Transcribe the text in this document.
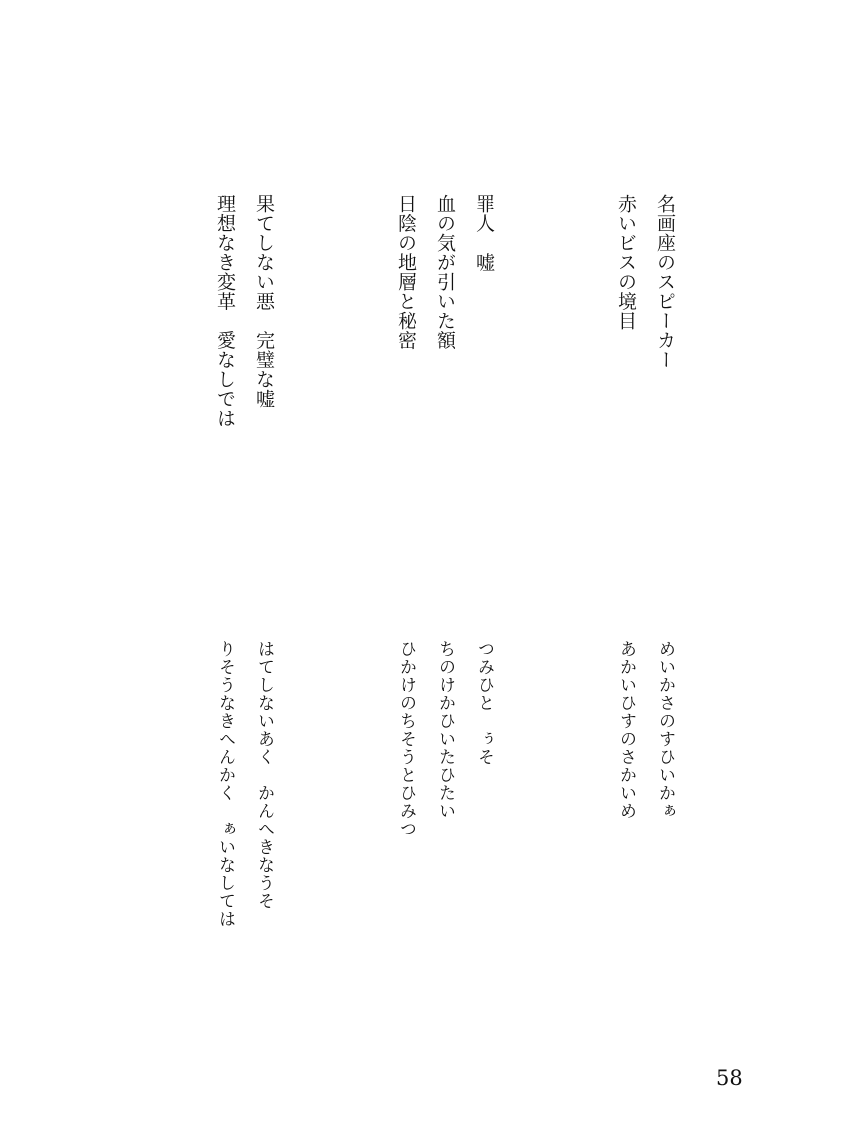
名画座のスピーカー
赤いビスの境目
罪人　嘘
血の気が引いた額
日陰の地層と秘密
果てしない悪　完璧な嘘
理想なき変革　愛なしでは
めいかさのすひいかぁ
あかいひすのさかいめ
つみひと　ぅそ
ちのけかひいたひたい
ひかけのちそうとひみつ
はてしないあく　かんへきなうそ
りそうなきへんかく　ぁいなしては
58
